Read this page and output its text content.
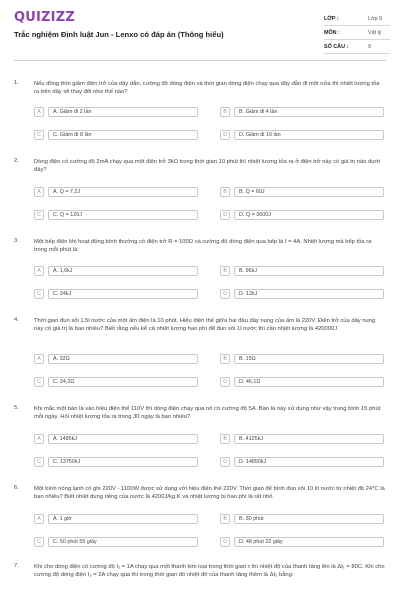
QUIZIZZ
Trắc nghiệm Định luật Jun - Lenxo có đáp án (Thông hiểu)
LỚP :	Lớp 9
MÔN :	Vật lý
SỐ CÂU :	9
1.	Nếu đồng thời giảm điện trở của dây dẫn, cường độ dòng điện và thời gian dòng điện chạy qua dây dẫn đi một nửa thì nhiệt lượng tỏa ra trên dây sẽ thay đổi như thế nào?
A	A. Giảm đi 2 lần	B	B. Giảm đi 4 lần
C	C. Giảm đi 8 lần	D	D. Giảm đi 16 lần
2.	Dòng điện có cường độ 2mA chạy qua một điện trở 3kΩ trong thời gian 10 phút thì nhiệt lượng tỏa ra ở điện trở này có giá trị nào dưới đây?
A	A. Q = 7,2J	B	B. Q = 60J
C	C. Q = 120J	D	D. Q = 3600J
3.	Một bếp điện khi hoạt động bình thường có điện trở R = 100Ω và cường độ dòng điện qua bếp là I = 4A. Nhiệt lượng mà bếp tỏa ra trong mỗi phút là:
A	A. 1,6kJ	B	B. 96kJ
C	C. 24kJ	D	D. 12kJ
4.	Thời gian đun sôi 1,5l nước của một ấm điện là 10 phút. Hiệu điện thế giữa hai đầu dây nung của ấm là 220V. Điện trở của dây nung này có giá trị là bao nhiêu? Biết rằng nếu kể cả nhiệt lượng hao phí để đun sôi 1l nước thì cần nhiệt lượng là 420000J
A	A. 32Ω	B	B. 15Ω
C	C. 24,2Ω	D	D. 46,1Ω
5.	Khi mắc một bàn là vào hiệu điện thế 110V thì dòng điện chạy qua nó có cường độ 5A. Bàn là này sử dụng như vậy trung bình 15 phút mỗi ngày. Hỏi nhiệt lượng tỏa ra trong 30 ngày là bao nhiêu?
A	A. 1485kJ	B	B. 4125kJ
C	C. 13750kJ	D	D. 14850kJ
6.	Một bình nóng lạnh có ghi 220V - 1100W được sử dụng với hiệu điện thế 220V. Thời gian để bình đun sôi 10 lít nước từ nhiệt độ 24°C là bao nhiêu? Biết nhiệt dung riêng của nước là 4200J/kg.K và nhiệt lượng bị hao phí là rất nhỏ.
A	A. 1 giờ	B	B. 30 phút
C	C. 50 phút 55 giây	D	D. 48 phút 22 giây
7.	Khi cho dòng điện có cường độ I₁ = 1A chạy qua một thanh kim loại trong thời gian τ thì nhiệt độ của thanh tăng lên là Δt₁ = 80C. Khi cho cường độ dòng điện I₂ = 2A chạy qua thì trong thời gian đó nhiệt độ của thanh tăng thêm là Δt₂ bằng:
